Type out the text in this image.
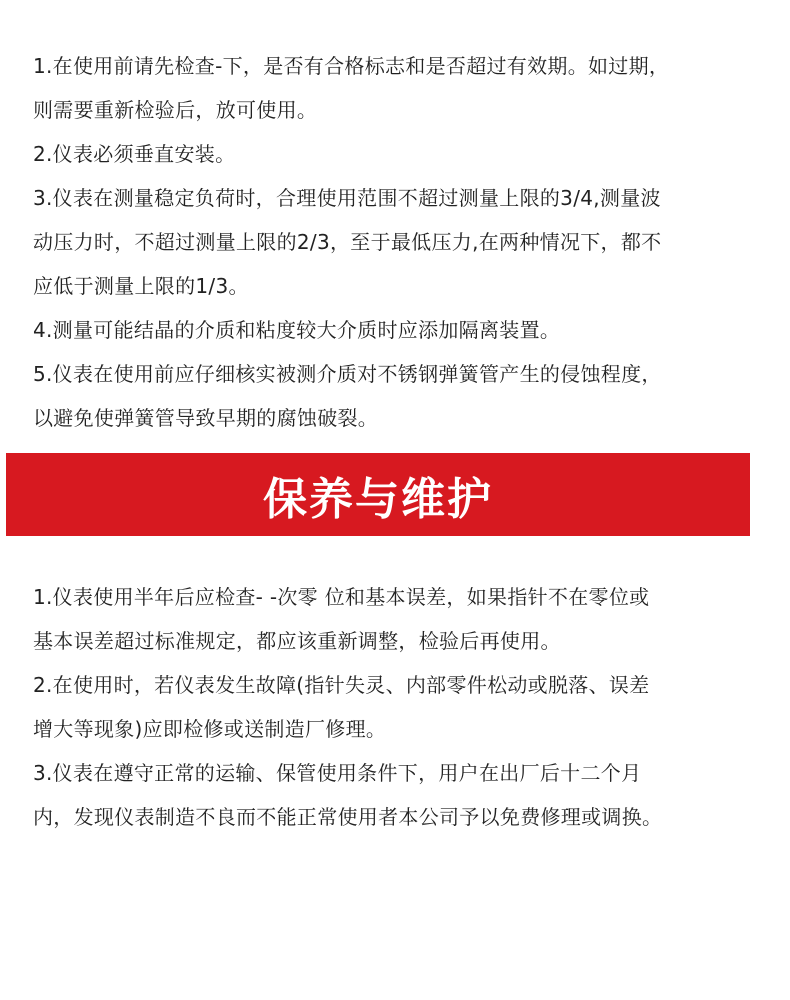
1.在使用前请先检查-下，是否有合格标志和是否超过有效期。如过期，
则需要重新检验后，放可使用。
2.仪表必须垂直安装。
3.仪表在测量稳定负荷时，合理使用范围不超过测量上限的3/4,测量波
动压力时，不超过测量上限的2/3，至于最低压力,在两种情况下，都不
应低于测量上限的1/3。
4.测量可能结晶的介质和粘度较大介质时应添加隔离装置。
5.仪表在使用前应仔细核实被测介质对不锈钢弹簧管产生的侵蚀程度，
以避免使弹簧管导致早期的腐蚀破裂。
保养与维护
1.仪表使用半年后应检查- -次零 位和基本误差，如果指针不在零位或
基本误差超过标准规定，都应该重新调整，检验后再使用。
2.在使用时，若仪表发生故障(指针失灵、内部零件松动或脱落、误差
增大等现象)应即检修或送制造厂修理。
3.仪表在遵守正常的运输、保管使用条件下，用户在出厂后十二个月
内，发现仪表制造不良而不能正常使用者本公司予以免费修理或调换。
